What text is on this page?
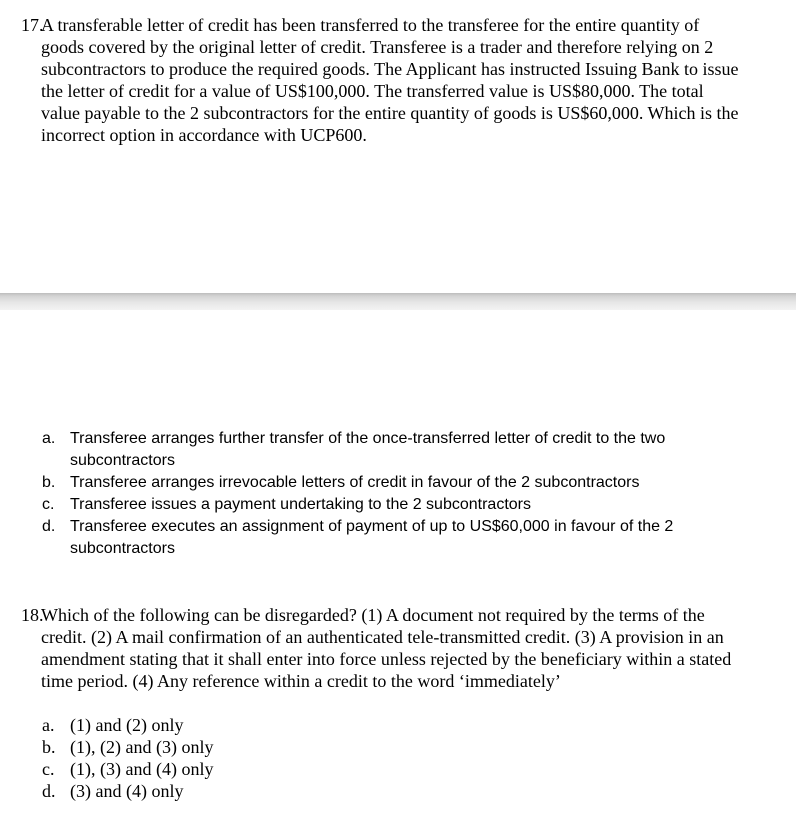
17.
A transferable letter of credit has been transferred to the transferee for the entire quantity of goods covered by the original letter of credit. Transferee is a trader and therefore relying on 2 subcontractors to produce the required goods. The Applicant has instructed Issuing Bank to issue the letter of credit for a value of US$100,000. The transferred value is US$80,000. The total value payable to the 2 subcontractors for the entire quantity of goods is US$60,000. Which is the incorrect option in accordance with UCP600.
a. Transferee arranges further transfer of the once-transferred letter of credit to the two subcontractors
b. Transferee arranges irrevocable letters of credit in favour of the 2 subcontractors
c. Transferee issues a payment undertaking to the 2 subcontractors
d. Transferee executes an assignment of payment of up to US$60,000 in favour of the 2 subcontractors
18.
Which of the following can be disregarded? (1) A document not required by the terms of the credit. (2) A mail confirmation of an authenticated tele-transmitted credit. (3) A provision in an amendment stating that it shall enter into force unless rejected by the beneficiary within a stated time period. (4) Any reference within a credit to the word ‘immediately’
a. (1) and (2) only
b. (1), (2) and (3) only
c. (1), (3) and (4) only
d. (3) and (4) only
